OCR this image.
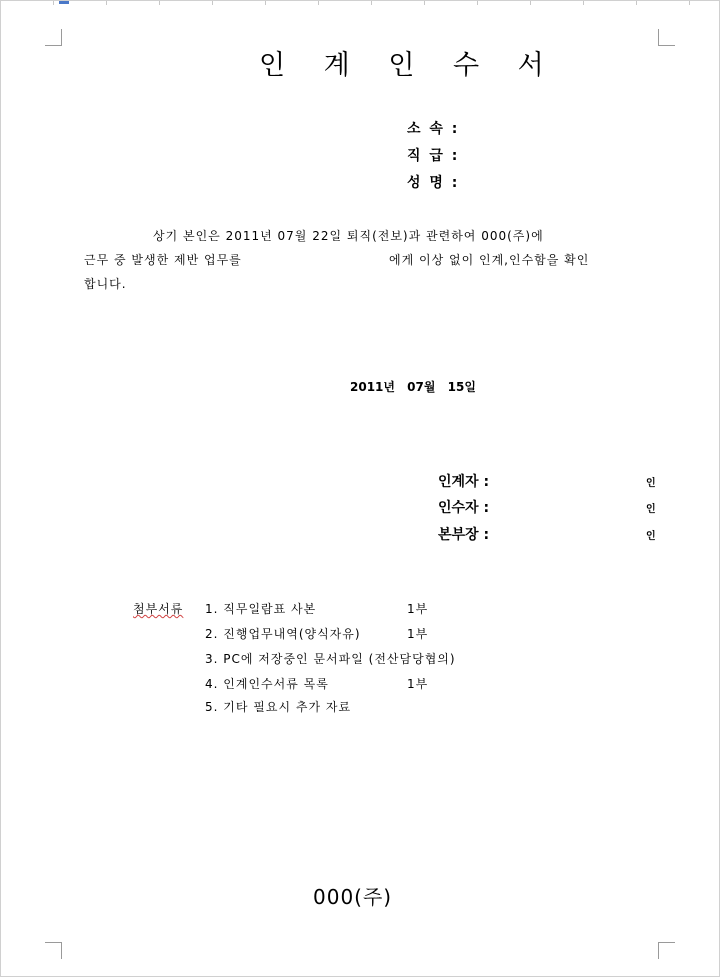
인 계 인 수 서
소 속 :
직 급 :
성 명 :
상기 본인은 2011년 07월 22일 퇴직(전보)과 관련하여 000(주)에
근무 중 발생한 제반 업무를	에게 이상 없이 인계,인수함을 확인
합니다.
2011년 07월 15일
인계자 :	인
인수자 :	인
본부장 :	인
첨부서류 1. 직무일람표 사본	1부
2. 진행업무내역(양식자유)	1부
3. PC에 저장중인 문서파일 (전산담당협의)
4. 인계인수서류 목록	1부
5. 기타 필요시 추가 자료
000(주)
